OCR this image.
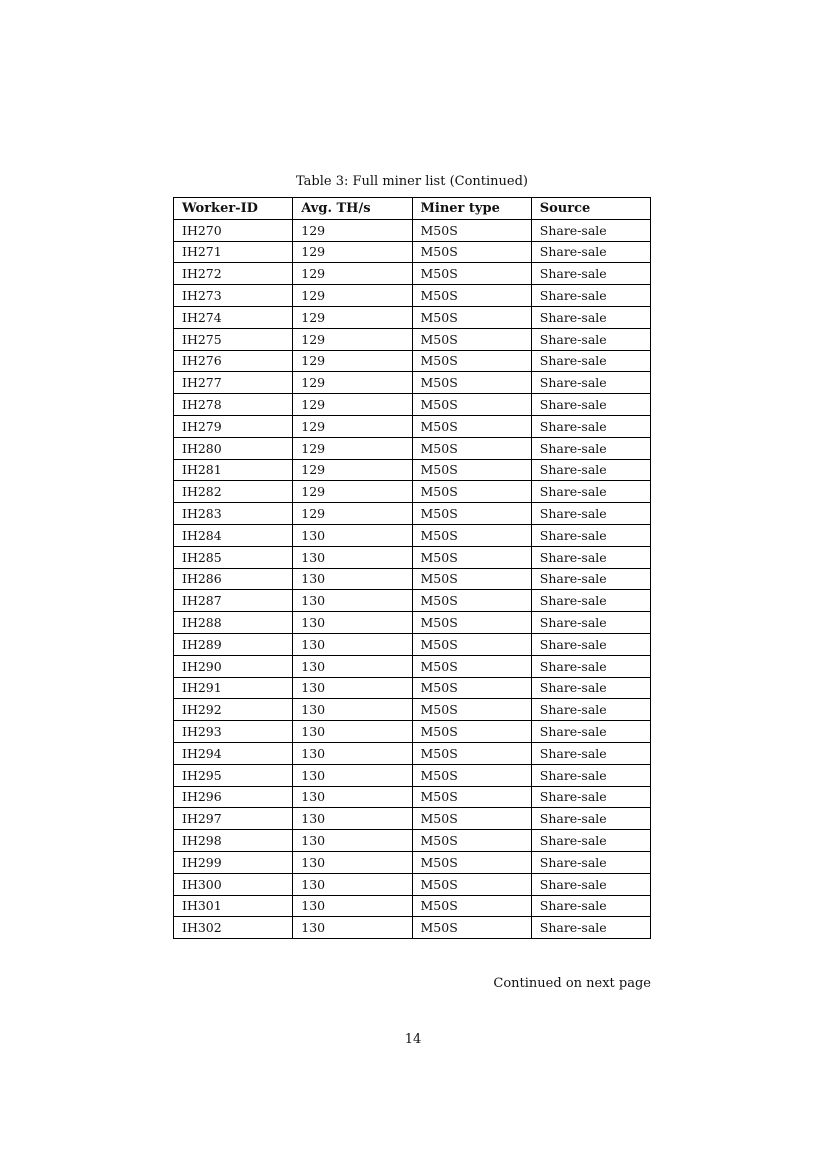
Table 3: Full miner list (Continued)
Worker-ID	Avg. TH/s	Miner type	Source
IH270	129	M50S	Share-sale
IH271	129	M50S	Share-sale
IH272	129	M50S	Share-sale
IH273	129	M50S	Share-sale
IH274	129	M50S	Share-sale
IH275	129	M50S	Share-sale
IH276	129	M50S	Share-sale
IH277	129	M50S	Share-sale
IH278	129	M50S	Share-sale
IH279	129	M50S	Share-sale
IH280	129	M50S	Share-sale
IH281	129	M50S	Share-sale
IH282	129	M50S	Share-sale
IH283	129	M50S	Share-sale
IH284	130	M50S	Share-sale
IH285	130	M50S	Share-sale
IH286	130	M50S	Share-sale
IH287	130	M50S	Share-sale
IH288	130	M50S	Share-sale
IH289	130	M50S	Share-sale
IH290	130	M50S	Share-sale
IH291	130	M50S	Share-sale
IH292	130	M50S	Share-sale
IH293	130	M50S	Share-sale
IH294	130	M50S	Share-sale
IH295	130	M50S	Share-sale
IH296	130	M50S	Share-sale
IH297	130	M50S	Share-sale
IH298	130	M50S	Share-sale
IH299	130	M50S	Share-sale
IH300	130	M50S	Share-sale
IH301	130	M50S	Share-sale
IH302	130	M50S	Share-sale
Continued on next page
14
